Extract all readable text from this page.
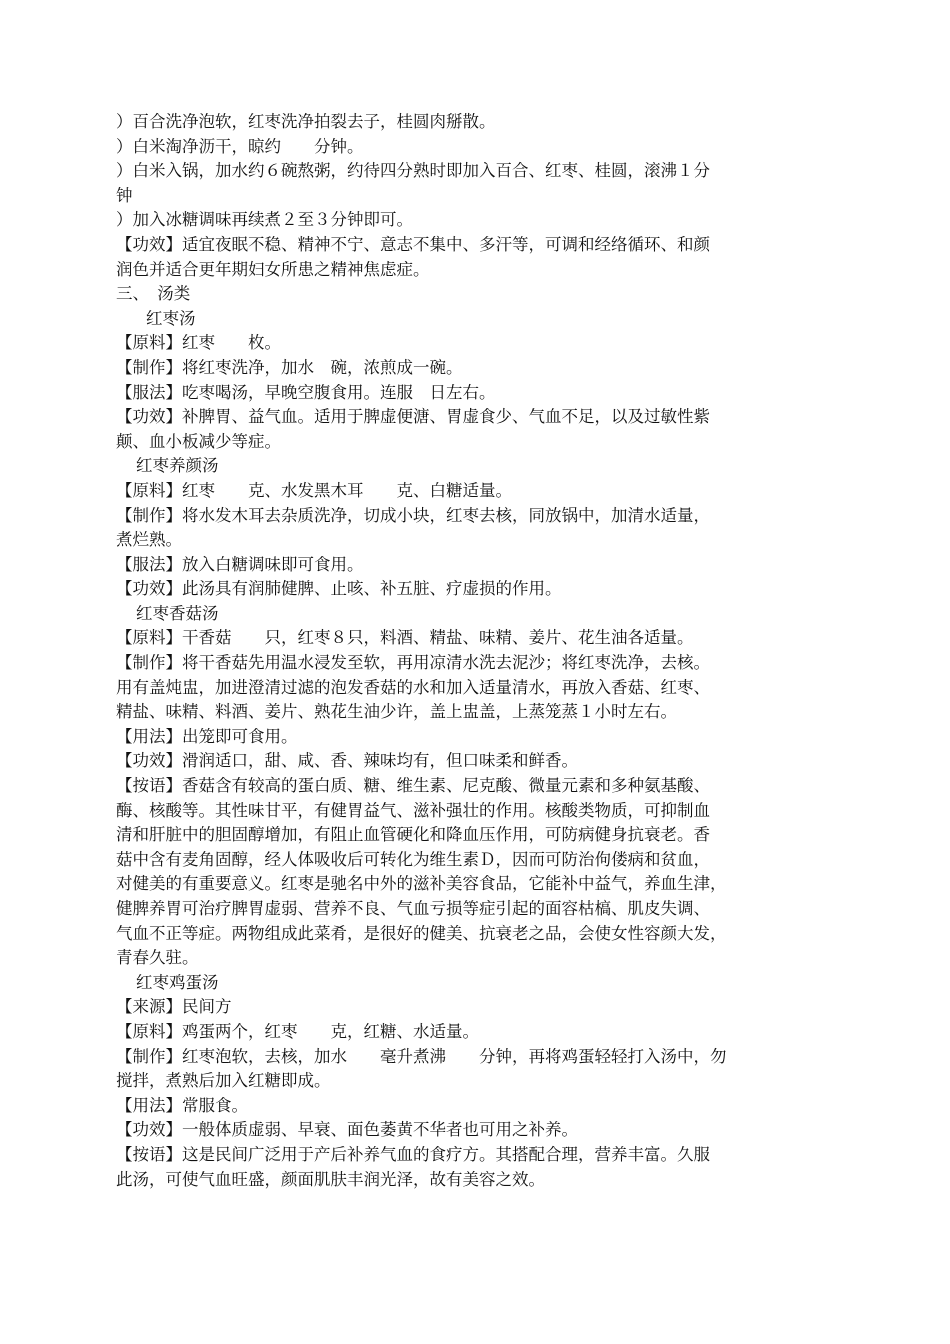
）百合洗净泡软，红枣洗净拍裂去子，桂圆肉掰散。

）白米淘净沥干，晾约　　分钟。

）白米入锅，加水约６碗熬粥，约待四分熟时即加入百合、红枣、桂圆，滚沸１分

钟

）加入冰糖调味再续煮２至３分钟即可。

【功效】适宜夜眠不稳、精神不宁、意志不集中、多汗等，可调和经络循环、和颜

润色并适合更年期妇女所患之精神焦虑症。

三、　汤类

红枣汤

【原料】红枣　　枚。

【制作】将红枣洗净，加水　碗，浓煎成一碗。

【服法】吃枣喝汤，早晚空腹食用。连服　日左右。

【功效】补脾胃、益气血。适用于脾虚便溏、胃虚食少、气血不足，以及过敏性紫

颠、血小板减少等症。

红枣养颜汤

【原料】红枣　　克、水发黑木耳　　克、白糖适量。

【制作】将水发木耳去杂质洗净，切成小块，红枣去核，同放锅中，加清水适量，

煮烂熟。

【服法】放入白糖调味即可食用。

【功效】此汤具有润肺健脾、止咳、补五脏、疗虚损的作用。

红枣香菇汤

【原料】干香菇　　只，红枣８只，料酒、精盐、味精、姜片、花生油各适量。

【制作】将干香菇先用温水浸发至软，再用凉清水洗去泥沙；将红枣洗净，去核。

用有盖炖盅，加进澄清过滤的泡发香菇的水和加入适量清水，再放入香菇、红枣、

精盐、味精、料酒、姜片、熟花生油少许，盖上盅盖，上蒸笼蒸１小时左右。

【用法】出笼即可食用。

【功效】滑润适口，甜、咸、香、辣味均有，但口味柔和鲜香。

【按语】香菇含有较高的蛋白质、糖、维生素、尼克酸、微量元素和多种氨基酸、

酶、核酸等。其性味甘平，有健胃益气、滋补强壮的作用。核酸类物质，可抑制血

清和肝脏中的胆固醇增加，有阻止血管硬化和降血压作用，可防病健身抗衰老。香

菇中含有麦角固醇，经人体吸收后可转化为维生素Ｄ，因而可防治佝偻病和贫血，

对健美的有重要意义。红枣是驰名中外的滋补美容食品，它能补中益气，养血生津，

健脾养胃可治疗脾胃虚弱、营养不良、气血亏损等症引起的面容枯槁、肌皮失调、

气血不正等症。两物组成此菜肴，是很好的健美、抗衰老之品，会使女性容颜大发，

青春久驻。

红枣鸡蛋汤

【来源】民间方

【原料】鸡蛋两个，红枣　　克，红糖、水适量。

【制作】红枣泡软，去核，加水　　毫升煮沸　　分钟，再将鸡蛋轻轻打入汤中，勿

搅拌，煮熟后加入红糖即成。

【用法】常服食。

【功效】一般体质虚弱、早衰、面色萎黄不华者也可用之补养。

【按语】这是民间广泛用于产后补养气血的食疗方。其搭配合理，营养丰富。久服

此汤，可使气血旺盛，颜面肌肤丰润光泽，故有美容之效。
